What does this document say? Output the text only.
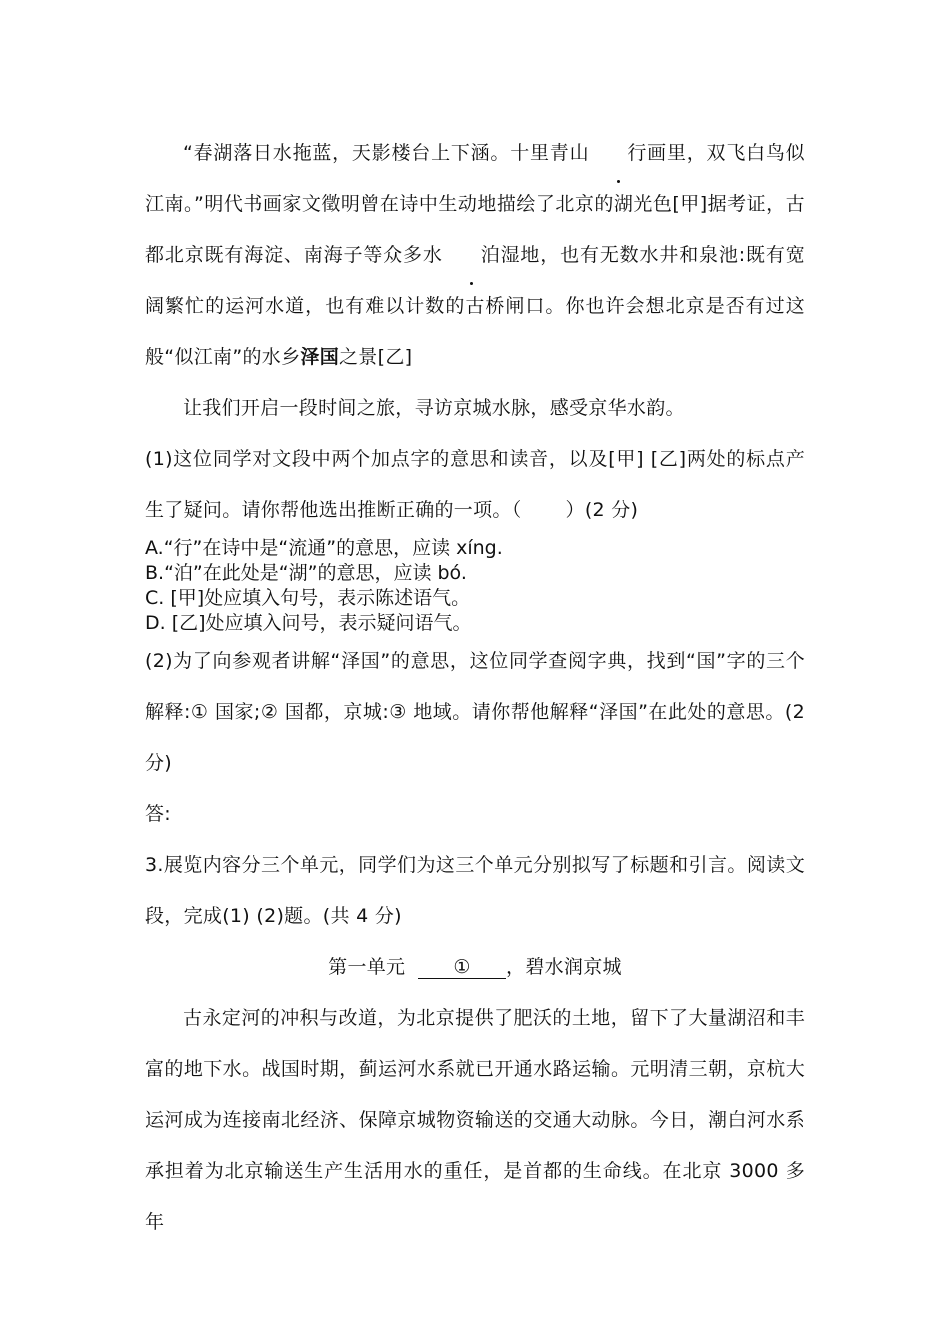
“春湖落日水拖蓝，天影楼台上下涵。十里青山 行画里，双飞白鸟似江南。”明代书画家文徵明曾在诗中生动地描绘了北京的湖光色[甲]据考证，古都北京既有海淀、南海子等众多水 泊湿地，也有无数水井和泉池:既有宽阔繁忙的运河水道，也有难以计数的古桥闸口。你也许会想北京是否有过这般“似江南”的水乡泽国之景[乙]

让我们开启一段时间之旅，寻访京城水脉，感受京华水韵。

(1)这位同学对文段中两个加点字的意思和读音，以及[甲] [乙]两处的标点产生了疑问。请你帮他选出推断正确的一项。（ ）(2 分)

A.“行”在诗中是“流通”的意思，应读 xíng.
B.“泊”在此处是“湖”的意思，应读 bó.
C. [甲]处应填入句号，表示陈述语气。
D. [乙]处应填入问号，表示疑问语气。

(2)为了向参观者讲解“泽国”的意思，这位同学查阅字典，找到“国”字的三个解释:① 国家;② 国都，京城:③ 地域。请你帮他解释“泽国”在此处的意思。(2 分)

答:

3.展览内容分三个单元，同学们为这三个单元分别拟写了标题和引言。阅读文段，完成(1) (2)题。(共 4 分)

第一单元	① ，碧水润京城

古永定河的冲积与改道，为北京提供了肥沃的土地，留下了大量湖沼和丰富的地下水。战国时期，蓟运河水系就已开通水路运输。元明清三朝，京杭大运河成为连接南北经济、保障京城物资输送的交通大动脉。今日，潮白河水系承担着为北京输送生产生活用水的重任，是首都的生命线。在北京 3000 多年
